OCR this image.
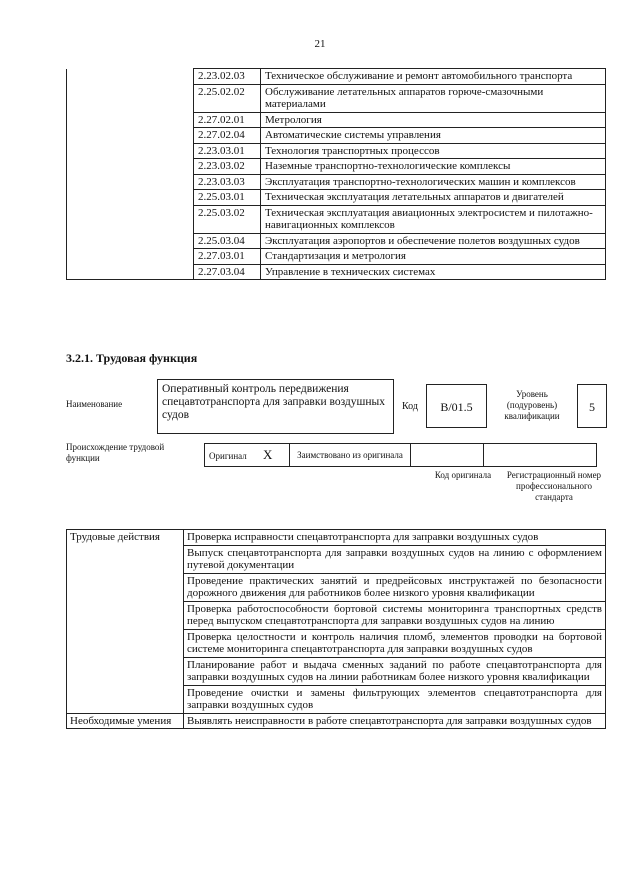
21
	2.23.02.03	Техническое обслуживание и ремонт автомобильного транспорта
	2.25.02.02	Обслуживание летательных аппаратов горюче-смазочными материалами
	2.27.02.01	Метрология
	2.27.02.04	Автоматические системы управления
	2.23.03.01	Технология транспортных процессов
	2.23.03.02	Наземные транспортно-технологические комплексы
	2.23.03.03	Эксплуатация транспортно-технологических машин и комплексов
	2.25.03.01	Техническая эксплуатация летательных аппаратов и двигателей
	2.25.03.02	Техническая эксплуатация авиационных электросистем и пилотажно-навигационных комплексов
	2.25.03.04	Эксплуатация аэропортов и обеспечение полетов воздушных судов
	2.27.03.01	Стандартизация и метрология
	2.27.03.04	Управление в технических системах
3.2.1. Трудовая функция
Наименование
Оперативный контроль передвижения спецавтотранспорта для заправки воздушных судов
Код	B/01.5
Уровень (подуровень) квалификации
5
Происхождение трудовой функции	Оригинал X	Заимствовано из оригинала		
Код оригинала	Регистрационный номер профессионального стандарта
Трудовые действия	Проверка исправности спецавтотранспорта для заправки воздушных судов
	Выпуск спецавтотранспорта для заправки воздушных судов на линию с оформлением путевой документации
	Проведение практических занятий и предрейсовых инструктажей по безопасности дорожного движения для работников более низкого уровня квалификации
	Проверка работоспособности бортовой системы мониторинга транспортных средств перед выпуском спецавтотранспорта для заправки воздушных судов на линию
	Проверка целостности и контроль наличия пломб, элементов проводки на бортовой системе мониторинга спецавтотранспорта для заправки воздушных судов
	Планирование работ и выдача сменных заданий по работе спецавтотранспорта для заправки воздушных судов на линии работникам более низкого уровня квалификации
	Проведение очистки и замены фильтрующих элементов спецавтотранспорта для заправки воздушных судов
Необходимые умения	Выявлять неисправности в работе спецавтотранспорта для заправки воздушных судов
